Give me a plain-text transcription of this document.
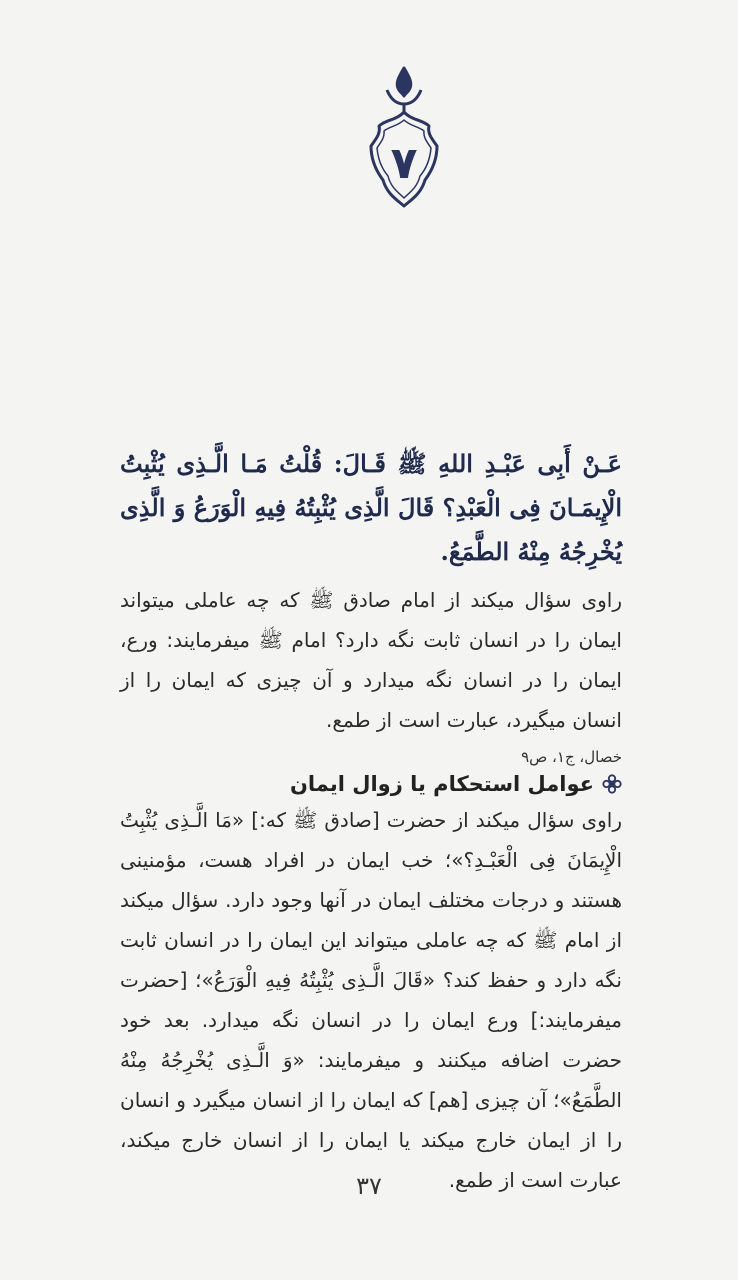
۷

عَـنْ أَبِی عَبْـدِ اللهِ ﷺ قَـالَ: قُلْتُ مَـا الَّـذِی یُثْبِتُ الْإِیمَـانَ فِی الْعَبْدِ؟ قَالَ الَّذِی یُثْبِتُهُ فِیهِ الْوَرَعُ وَ الَّذِی یُخْرِجُهُ مِنْهُ الطَّمَعُ.

راوی سؤال میکند از امام صادق ﷺ که چه عاملی میتواند ایمان را در انسان ثابت نگه دارد؟ امام ﷺ میفرمایند: ورع، ایمان را در انسان نگه میدارد و آن چیزی که ایمان را از انسان میگیرد، عبارت است از طمع.

خصال، ج۱، ص۹
عوامل استحکام یا زوال ایمان

راوی سؤال میکند از حضرت [صادق ﷺ که:] «مَا الَّـذِی یُثْبِتُ الْإِیمَانَ فِی الْعَبْـدِ؟»؛ خب ایمان در افراد هست، مؤمنینی هستند و درجات مختلف ایمان در آنها وجود دارد. سؤال میکند از امام ﷺ که چه عاملی میتواند این ایمان را در انسان ثابت نگه دارد و حفظ کند؟ «قَالَ الَّـذِی یُثْبِتُهُ فِیهِ الْوَرَعُ»؛ [حضرت میفرمایند:] ورع ایمان را در انسان نگه میدارد. بعد خود حضرت اضافه میکنند و میفرمایند: «وَ الَّـذِی یُخْرِجُهُ مِنْهُ الطَّمَعُ»؛ آن چیزی [هم] که ایمان را از انسان میگیرد و انسان را از ایمان خارج میکند یا ایمان را از انسان خارج میکند، عبارت است از طمع.

۳۷
